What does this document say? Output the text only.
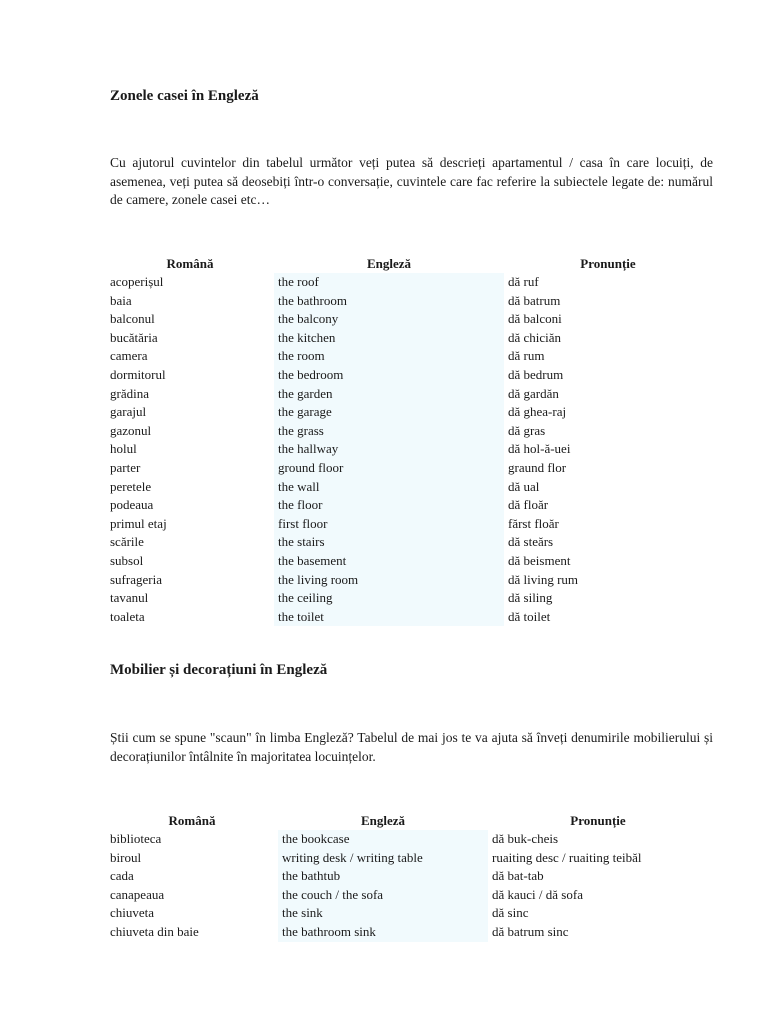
Zonele casei în Engleză

Cu ajutorul cuvintelor din tabelul următor veți putea să descrieți apartamentul / casa în care locuiți, de asemenea, veți putea să deosebiți într-o conversație, cuvintele care fac referire la subiectele legate de: numărul de camere, zonele casei etc…

Română	Engleză	Pronunție
acoperișul	the roof	dă ruf
baia	the bathroom	dă batrum
balconul	the balcony	dă balconi
bucătăria	the kitchen	dă chiciăn
camera	the room	dă rum
dormitorul	the bedroom	dă bedrum
grădina	the garden	dă gardăn
garajul	the garage	dă ghea-raj
gazonul	the grass	dă gras
holul	the hallway	dă hol-ă-uei
parter	ground floor	graund flor
peretele	the wall	dă ual
podeaua	the floor	dă floăr
primul etaj	first floor	fărst floăr
scările	the stairs	dă steărs
subsol	the basement	dă beisment
sufrageria	the living room	dă living rum
tavanul	the ceiling	dă siling
toaleta	the toilet	dă toilet
Mobilier și decorațiuni în Engleză

Știi cum se spune "scaun" în limba Engleză? Tabelul de mai jos te va ajuta să înveți denumirile mobilierului și decorațiunilor întâlnite în majoritatea locuințelor.

Română	Engleză	Pronunție
biblioteca	the bookcase	dă buk-cheis
biroul	writing desk / writing table	ruaiting desc / ruaiting teibăl
cada	the bathtub	dă bat-tab
canapeaua	the couch / the sofa	dă kauci / dă sofa
chiuveta	the sink	dă sinc
chiuveta din baie	the bathroom sink	dă batrum sinc
